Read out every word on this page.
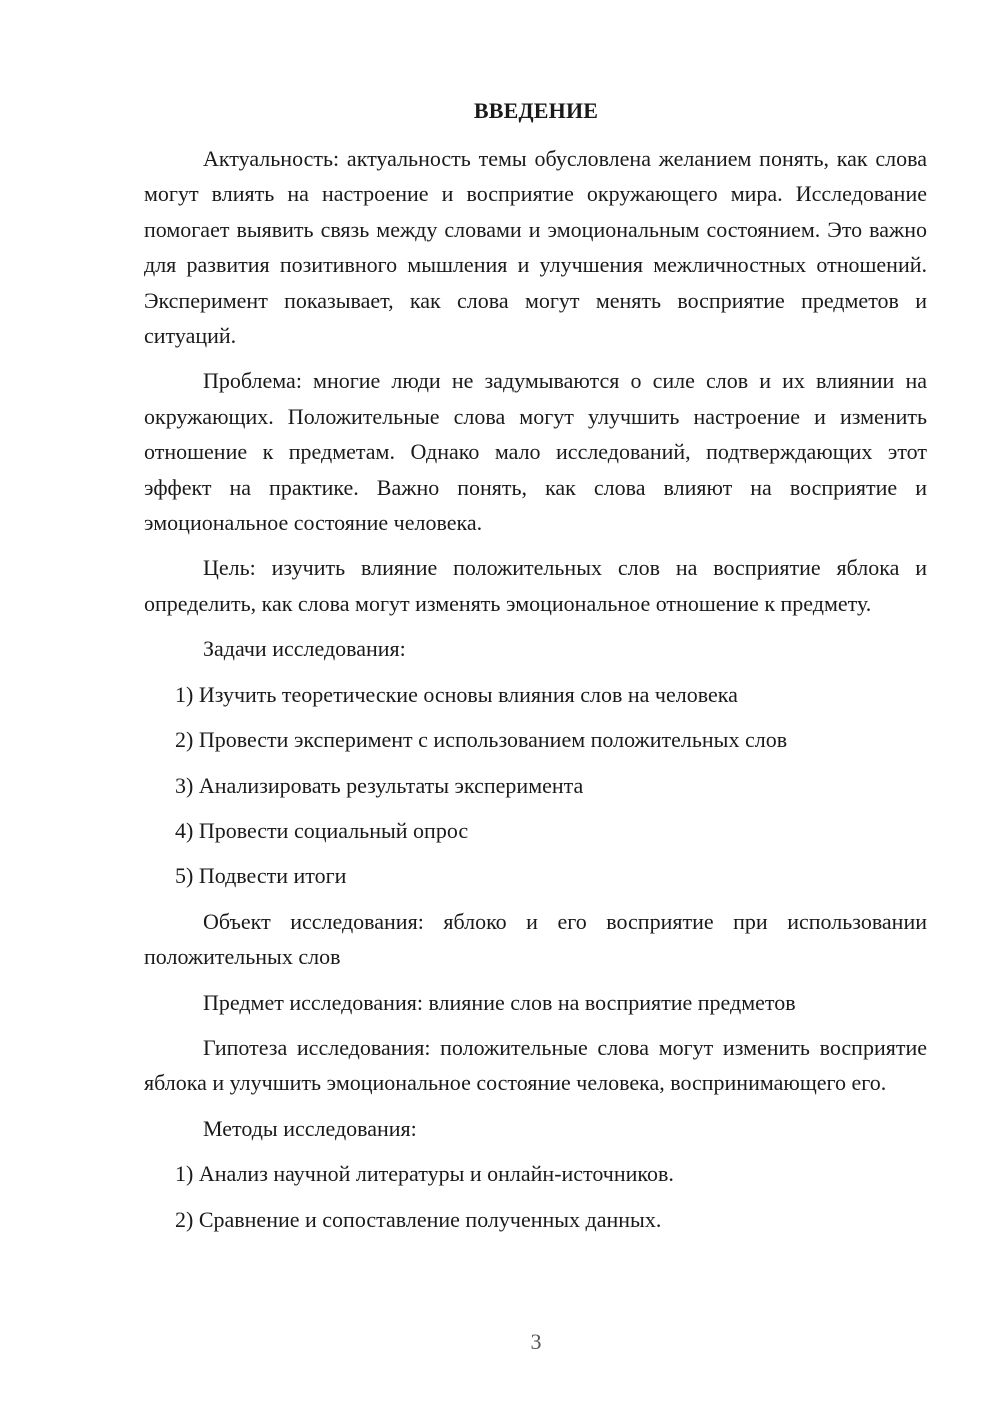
ВВЕДЕНИЕ

Актуальность: актуальность темы обусловлена желанием понять, как слова могут влиять на настроение и восприятие окружающего мира. Исследование помогает выявить связь между словами и эмоциональным состоянием. Это важно для развития позитивного мышления и улучшения межличностных отношений. Эксперимент показывает, как слова могут менять восприятие предметов и ситуаций.

Проблема: многие люди не задумываются о силе слов и их влиянии на окружающих. Положительные слова могут улучшить настроение и изменить отношение к предметам. Однако мало исследований, подтверждающих этот эффект на практике. Важно понять, как слова влияют на восприятие и эмоциональное состояние человека.

Цель: изучить влияние положительных слов на восприятие яблока и определить, как слова могут изменять эмоциональное отношение к предмету.

Задачи исследования:

1) Изучить теоретические основы влияния слов на человека

2) Провести эксперимент с использованием положительных слов

3) Анализировать результаты эксперимента

4) Провести социальный опрос

5) Подвести итоги

Объект исследования: яблоко и его восприятие при использовании положительных слов

Предмет исследования: влияние слов на восприятие предметов

Гипотеза исследования: положительные слова могут изменить восприятие яблока и улучшить эмоциональное состояние человека, воспринимающего его.

Методы исследования:

1) Анализ научной литературы и онлайн-источников.

2) Сравнение и сопоставление полученных данных.

3
